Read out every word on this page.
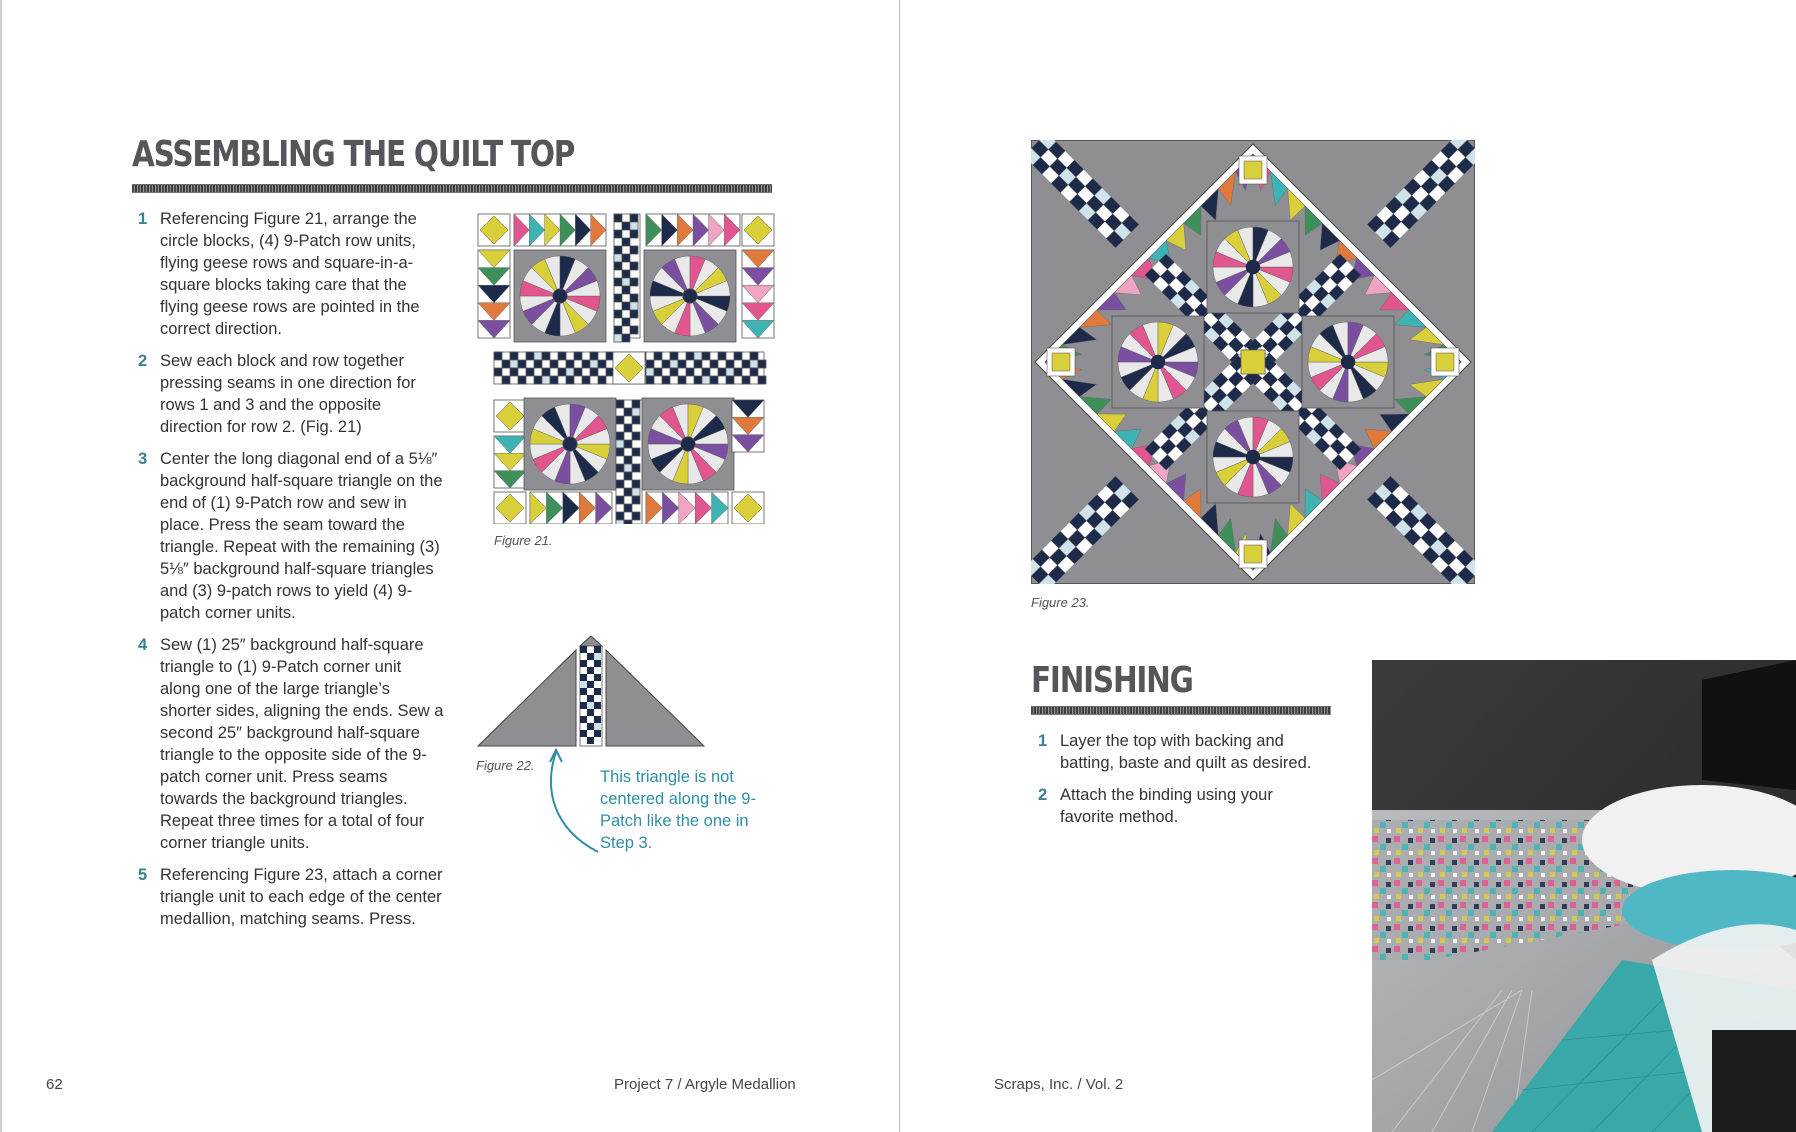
ASSEMBLING THE QUILT TOP
1 Referencing Figure 21, arrange the circle blocks, (4) 9-Patch row units, flying geese rows and square-in-a-square blocks taking care that the flying geese rows are pointed in the correct direction.
2 Sew each block and row together pressing seams in one direction for rows 1 and 3 and the opposite direction for row 2. (Fig. 21)
3 Center the long diagonal end of a 5⅛″ background half-square triangle on the end of (1) 9-Patch row and sew in place. Press the seam toward the triangle. Repeat with the remaining (3) 5⅛″ background half-square triangles and (3) 9-patch rows to yield (4) 9-patch corner units.
4 Sew (1) 25″ background half-square triangle to (1) 9-Patch corner unit along one of the large triangle’s shorter sides, aligning the ends. Sew a second 25″ background half-square triangle to the opposite side of the 9-patch corner unit. Press seams towards the background triangles. Repeat three times for a total of four corner triangle units.
5 Referencing Figure 23, attach a corner triangle unit to each edge of the center medallion, matching seams. Press.
Figure 21.
Figure 22.
This triangle is not centered along the 9-Patch like the one in Step 3.
62	Project 7 / Argyle Medallion
Figure 23.
FINISHING
1 Layer the top with backing and batting, baste and quilt as desired.
2 Attach the binding using your favorite method.
Scraps, Inc. / Vol. 2
